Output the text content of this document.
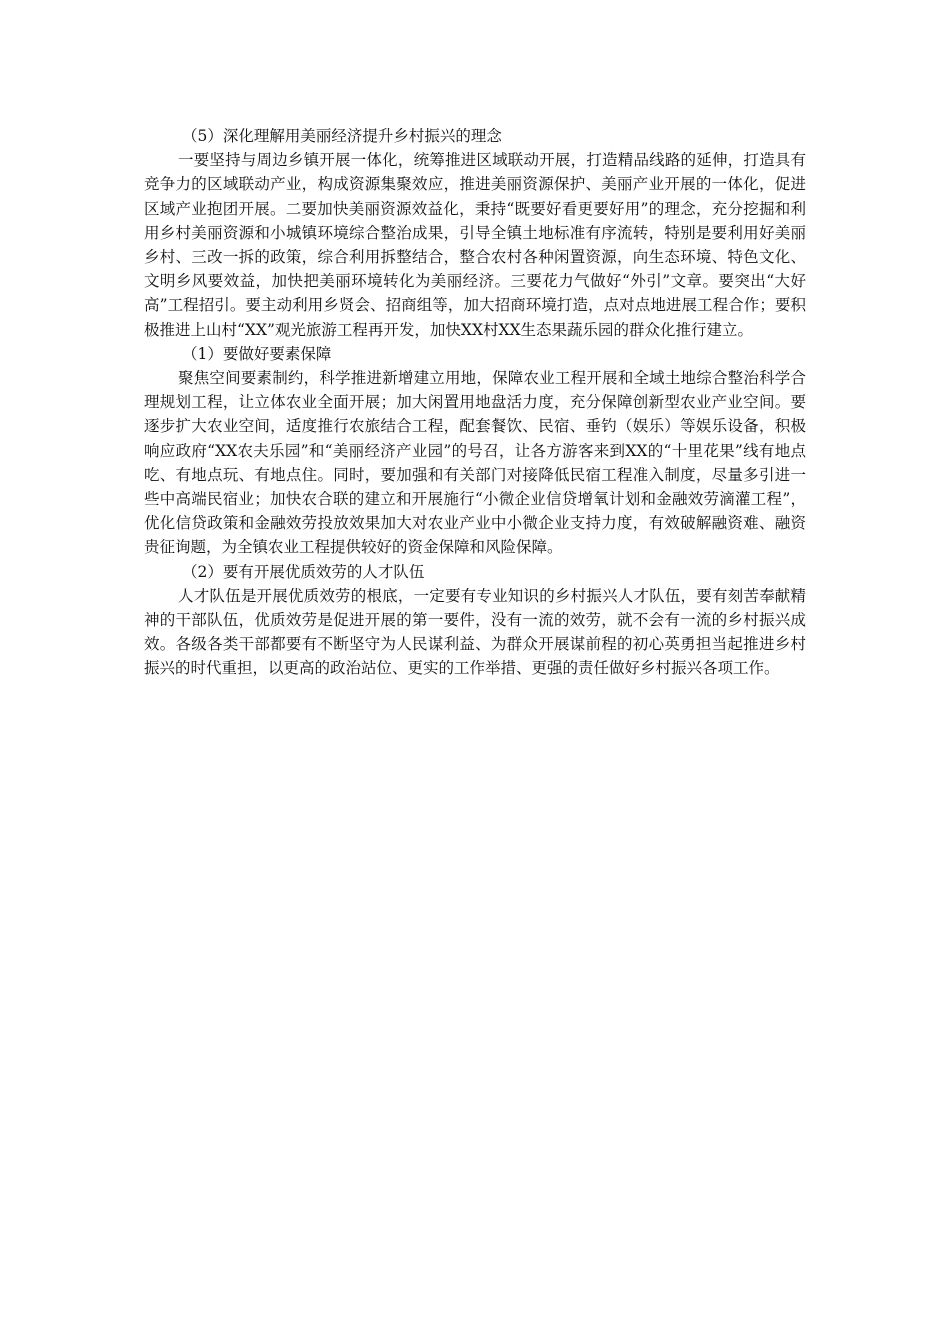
（5）深化理解用美丽经济提升乡村振兴的理念

一要坚持与周边乡镇开展一体化，统筹推进区域联动开展，打造精品线路的延伸，打造具有竞争力的区域联动产业，构成资源集聚效应，推进美丽资源保护、美丽产业开展的一体化，促进区域产业抱团开展。二要加快美丽资源效益化，秉持“既要好看更要好用”的理念，充分挖掘和利用乡村美丽资源和小城镇环境综合整治成果，引导全镇土地标准有序流转，特别是要利用好美丽乡村、三改一拆的政策，综合利用拆整结合，整合农村各种闲置资源，向生态环境、特色文化、文明乡风要效益，加快把美丽环境转化为美丽经济。三要花力气做好“外引”文章。要突出“大好高”工程招引。要主动利用乡贤会、招商组等，加大招商环境打造，点对点地进展工程合作；要积极推进上山村“XX”观光旅游工程再开发，加快XX村XX生态果蔬乐园的群众化推行建立。

（1）要做好要素保障

聚焦空间要素制约，科学推进新增建立用地，保障农业工程开展和全域土地综合整治科学合理规划工程，让立体农业全面开展；加大闲置用地盘活力度，充分保障创新型农业产业空间。要逐步扩大农业空间，适度推行农旅结合工程，配套餐饮、民宿、垂钓（娱乐）等娱乐设备，积极响应政府“XX农夫乐园”和“美丽经济产业园”的号召，让各方游客来到XX的“十里花果”线有地点吃、有地点玩、有地点住。同时，要加强和有关部门对接降低民宿工程准入制度，尽量多引进一些中高端民宿业；加快农合联的建立和开展施行“小微企业信贷增氧计划和金融效劳滴灌工程”，优化信贷政策和金融效劳投放效果加大对农业产业中小微企业支持力度，有效破解融资难、融资贵征询题，为全镇农业工程提供较好的资金保障和风险保障。

（2）要有开展优质效劳的人才队伍

人才队伍是开展优质效劳的根底，一定要有专业知识的乡村振兴人才队伍，要有刻苦奉献精神的干部队伍，优质效劳是促进开展的第一要件，没有一流的效劳，就不会有一流的乡村振兴成效。各级各类干部都要有不断坚守为人民谋利益、为群众开展谋前程的初心英勇担当起推进乡村振兴的时代重担，以更高的政治站位、更实的工作举措、更强的责任做好乡村振兴各项工作。
